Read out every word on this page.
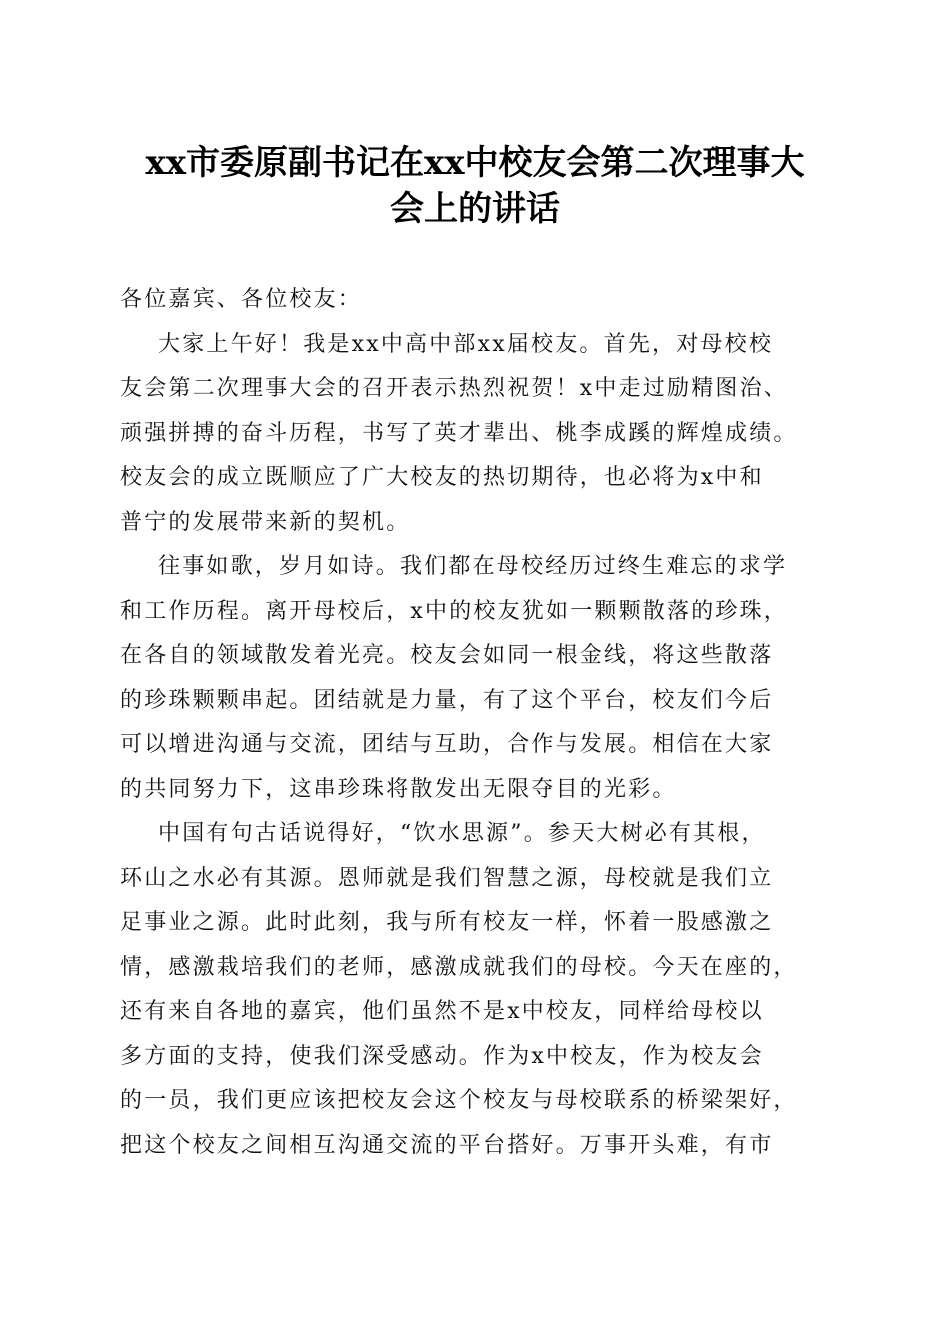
xx市委原副书记在xx中校友会第二次理事大
会上的讲话
各位嘉宾、各位校友：
大家上午好！我是xx中高中部xx届校友。首先，对母校校
友会第二次理事大会的召开表示热烈祝贺！x中走过励精图治、
顽强拼搏的奋斗历程，书写了英才辈出、桃李成蹊的辉煌成绩。
校友会的成立既顺应了广大校友的热切期待，也必将为x中和
普宁的发展带来新的契机。
往事如歌，岁月如诗。我们都在母校经历过终生难忘的求学
和工作历程。离开母校后，x中的校友犹如一颗颗散落的珍珠，
在各自的领域散发着光亮。校友会如同一根金线，将这些散落
的珍珠颗颗串起。团结就是力量，有了这个平台，校友们今后
可以增进沟通与交流，团结与互助，合作与发展。相信在大家
的共同努力下，这串珍珠将散发出无限夺目的光彩。
中国有句古话说得好，“饮水思源”。参天大树必有其根，
环山之水必有其源。恩师就是我们智慧之源，母校就是我们立
足事业之源。此时此刻，我与所有校友一样，怀着一股感激之
情，感激栽培我们的老师，感激成就我们的母校。今天在座的，
还有来自各地的嘉宾，他们虽然不是x中校友，同样给母校以
多方面的支持，使我们深受感动。作为x中校友，作为校友会
的一员，我们更应该把校友会这个校友与母校联系的桥梁架好，
把这个校友之间相互沟通交流的平台搭好。万事开头难，有市
